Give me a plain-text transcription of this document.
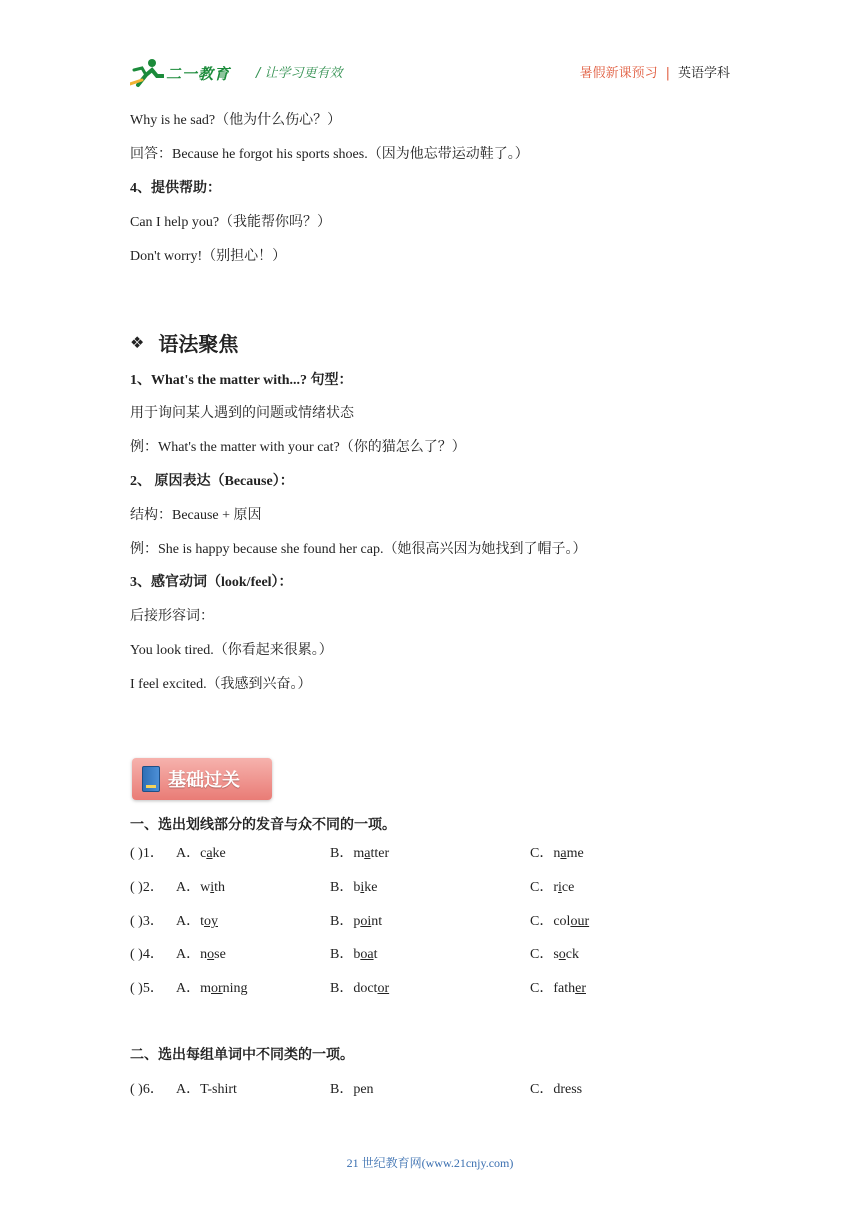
二一教育 / 让学习更有效	暑假新课预习 | 英语学科
Why is he sad?（他为什么伤心？）
回答：Because he forgot his sports shoes.（因为他忘带运动鞋了。）
4、提供帮助：
Can I help you?（我能帮你吗？）
Don't worry!（别担心！）
❖ 语法聚焦
1、What's the matter with...? 句型：
用于询问某人遇到的问题或情绪状态
例：What's the matter with your cat?（你的猫怎么了？）
2、 原因表达（Because）：
结构：Because + 原因
例：She is happy because she found her cap.（她很高兴因为她找到了帽子。）
3、感官动词（look/feel）：
后接形容词：
You look tired.（你看起来很累。）
I feel excited.（我感到兴奋。）
基础过关
一、选出划线部分的发音与众不同的一项。
( )1． A．cake	B．matter	C．name
( )2． A．with	B．bike	C．rice
( )3． A．toy	B．point	C．colour
( )4． A．nose	B．boat	C．sock
( )5． A．morning	B．doctor	C．father
二、选出每组单词中不同类的一项。
( )6． A．T-shirt	B．pen	C．dress
21 世纪教育网(www.21cnjy.com)
